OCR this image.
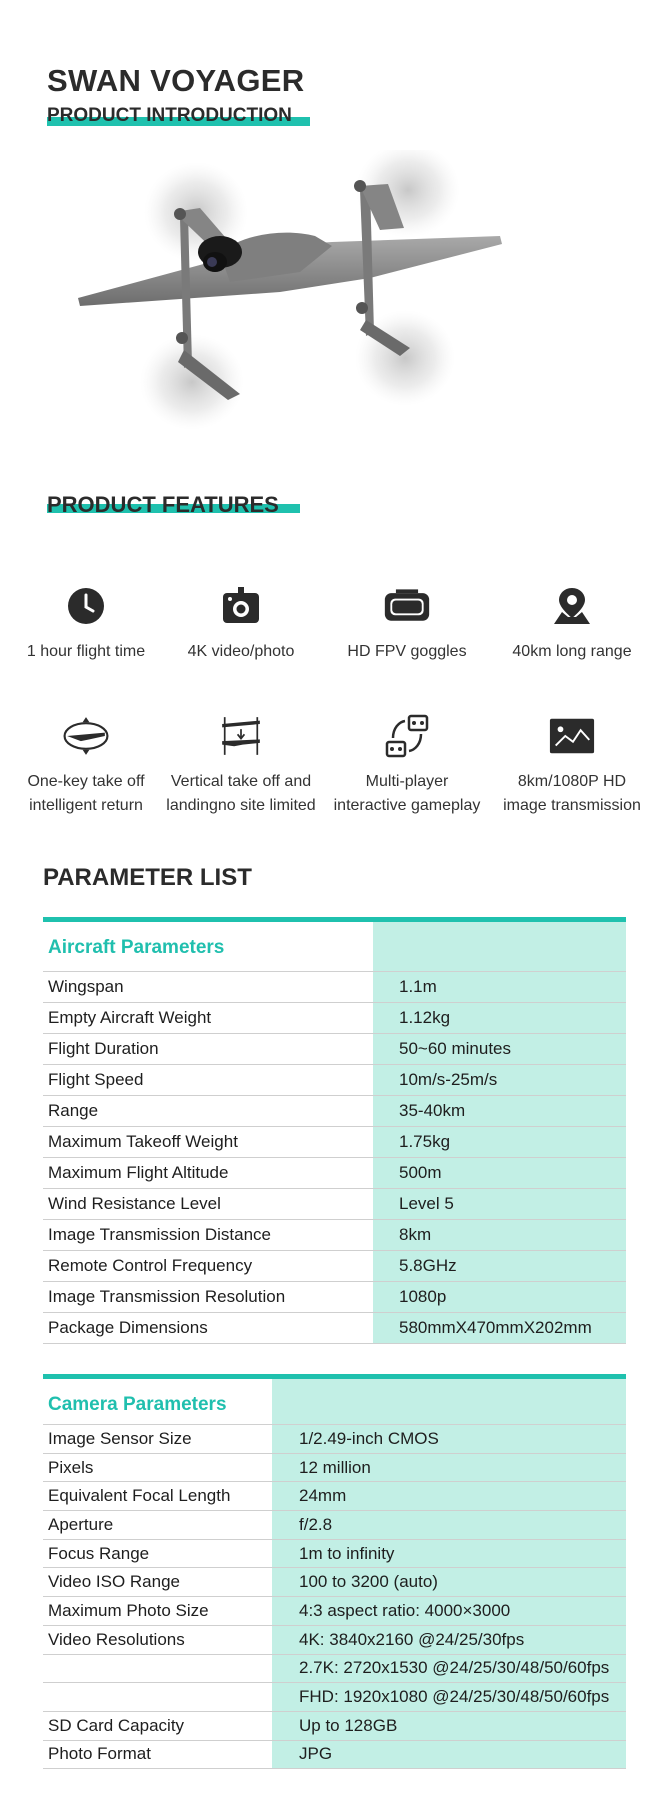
SWAN VOYAGER
PRODUCT INTRODUCTION
PRODUCT FEATURES
1 hour flight time	4K video/photo	HD FPV goggles	40km long range
One-key take off
intelligent return
Vertical take off and
landingno site limited
Multi-player
interactive gameplay
8km/1080P HD
image transmission
PARAMETER LIST
Aircraft Parameters
Wingspan	1.1m
Empty Aircraft Weight	1.12kg
Flight Duration	50~60 minutes
Flight Speed	10m/s-25m/s
Range	35-40km
Maximum Takeoff Weight	1.75kg
Maximum Flight Altitude	500m
Wind Resistance Level	Level 5
Image Transmission Distance	8km
Remote Control Frequency	5.8GHz
Image Transmission Resolution	1080p
Package Dimensions	580mmX470mmX202mm
Camera Parameters
Image Sensor Size	1/2.49-inch CMOS
Pixels	12 million
Equivalent Focal Length	24mm
Aperture	f/2.8
Focus Range	1m to infinity
Video ISO Range	100 to 3200 (auto)
Maximum Photo Size	4:3 aspect ratio: 4000×3000
Video Resolutions	4K: 3840x2160 @24/25/30fps
2.7K: 2720x1530 @24/25/30/48/50/60fps
FHD: 1920x1080 @24/25/30/48/50/60fps
SD Card Capacity	Up to 128GB
Photo Format	JPG
